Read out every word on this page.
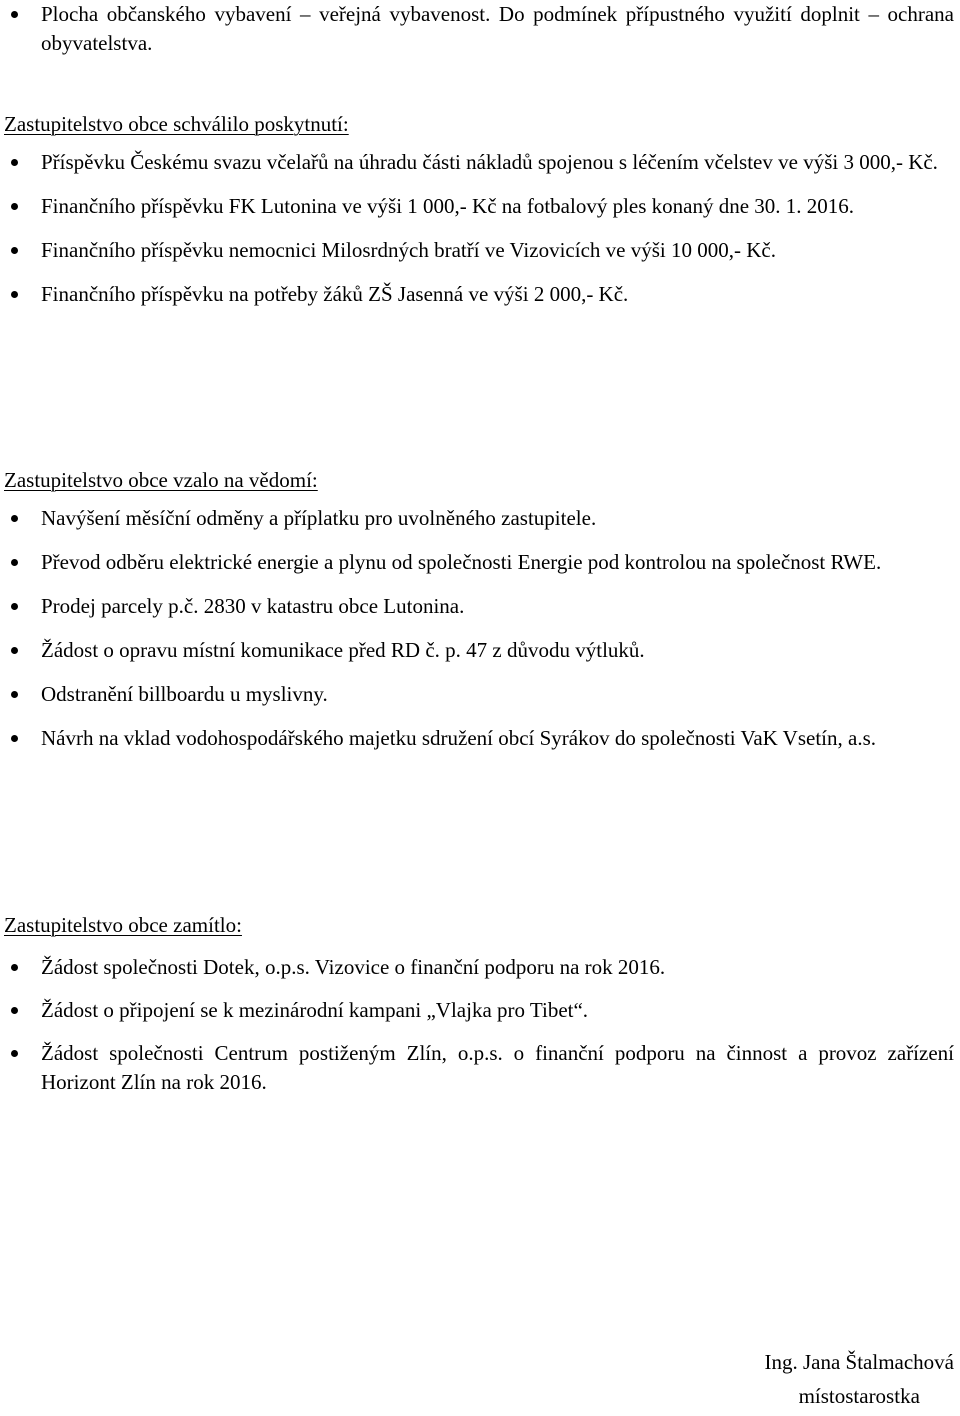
Plocha občanského vybavení – veřejná vybavenost. Do podmínek přípustného využití doplnit – ochrana obyvatelstva.
Zastupitelstvo obce schválilo poskytnutí:
Příspěvku Českému svazu včelařů na úhradu části nákladů spojenou s léčením včelstev ve výši 3 000,- Kč.
Finančního příspěvku FK Lutonina ve výši 1 000,- Kč na fotbalový ples konaný dne 30. 1. 2016.
Finančního příspěvku nemocnici Milosrdných bratří ve Vizovicích ve výši 10 000,- Kč.
Finančního příspěvku na potřeby žáků ZŠ Jasenná ve výši 2 000,- Kč.
Zastupitelstvo obce vzalo na vědomí:
Navýšení měsíční odměny a příplatku pro uvolněného zastupitele.
Převod odběru elektrické energie a plynu od společnosti Energie pod kontrolou na společnost RWE.
Prodej parcely p.č. 2830 v katastru obce Lutonina.
Žádost o opravu místní komunikace před RD č. p. 47 z důvodu výtluků.
Odstranění billboardu u myslivny.
Návrh na vklad vodohospodářského majetku sdružení obcí Syrákov do společnosti VaK Vsetín, a.s.
Zastupitelstvo obce zamítlo:
Žádost společnosti Dotek, o.p.s. Vizovice o finanční podporu na rok 2016.
Žádost o připojení se k mezinárodní kampani „Vlajka pro Tibet“.
Žádost společnosti Centrum postiženým Zlín, o.p.s. o finanční podporu na činnost a provoz zařízení Horizont Zlín na rok 2016.
Ing. Jana Štalmachová
místostarostka
